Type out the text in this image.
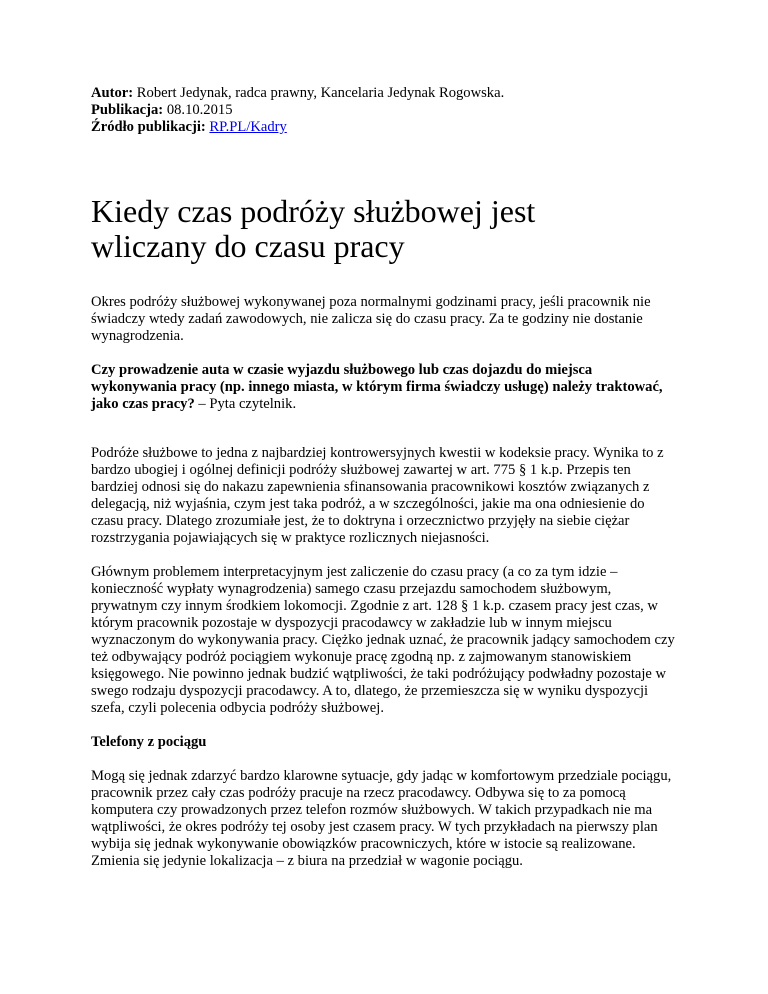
Autor: Robert Jedynak, radca prawny, Kancelaria Jedynak Rogowska.
Publikacja: 08.10.2015
Źródło publikacji: RP.PL/Kadry
Kiedy czas podróży służbowej jest wliczany do czasu pracy

Okres podróży służbowej wykonywanej poza normalnymi godzinami pracy, jeśli pracownik nie świadczy wtedy zadań zawodowych, nie zalicza się do czasu pracy. Za te godziny nie dostanie wynagrodzenia.

Czy prowadzenie auta w czasie wyjazdu służbowego lub czas dojazdu do miejsca wykonywania pracy (np. innego miasta, w którym firma świadczy usługę) należy traktować, jako czas pracy? – Pyta czytelnik.

Podróże służbowe to jedna z najbardziej kontrowersyjnych kwestii w kodeksie pracy. Wynika to z bardzo ubogiej i ogólnej definicji podróży służbowej zawartej w art. 775 § 1 k.p. Przepis ten bardziej odnosi się do nakazu zapewnienia sfinansowania pracownikowi kosztów związanych z delegacją, niż wyjaśnia, czym jest taka podróż, a w szczególności, jakie ma ona odniesienie do czasu pracy. Dlatego zrozumiałe jest, że to doktryna i orzecznictwo przyjęły na siebie ciężar rozstrzygania pojawiających się w praktyce rozlicznych niejasności.

Głównym problemem interpretacyjnym jest zaliczenie do czasu pracy (a co za tym idzie – konieczność wypłaty wynagrodzenia) samego czasu przejazdu samochodem służbowym, prywatnym czy innym środkiem lokomocji. Zgodnie z art. 128 § 1 k.p. czasem pracy jest czas, w którym pracownik pozostaje w dyspozycji pracodawcy w zakładzie lub w innym miejscu wyznaczonym do wykonywania pracy. Ciężko jednak uznać, że pracownik jadący samochodem czy też odbywający podróż pociągiem wykonuje pracę zgodną np. z zajmowanym stanowiskiem księgowego. Nie powinno jednak budzić wątpliwości, że taki podróżujący podwładny pozostaje w swego rodzaju dyspozycji pracodawcy. A to, dlatego, że przemieszcza się w wyniku dyspozycji szefa, czyli polecenia odbycia podróży służbowej.

Telefony z pociągu

Mogą się jednak zdarzyć bardzo klarowne sytuacje, gdy jadąc w komfortowym przedziale pociągu, pracownik przez cały czas podróży pracuje na rzecz pracodawcy. Odbywa się to za pomocą komputera czy prowadzonych przez telefon rozmów służbowych. W takich przypadkach nie ma wątpliwości, że okres podróży tej osoby jest czasem pracy. W tych przykładach na pierwszy plan wybija się jednak wykonywanie obowiązków pracowniczych, które w istocie są realizowane. Zmienia się jedynie lokalizacja – z biura na przedział w wagonie pociągu.
